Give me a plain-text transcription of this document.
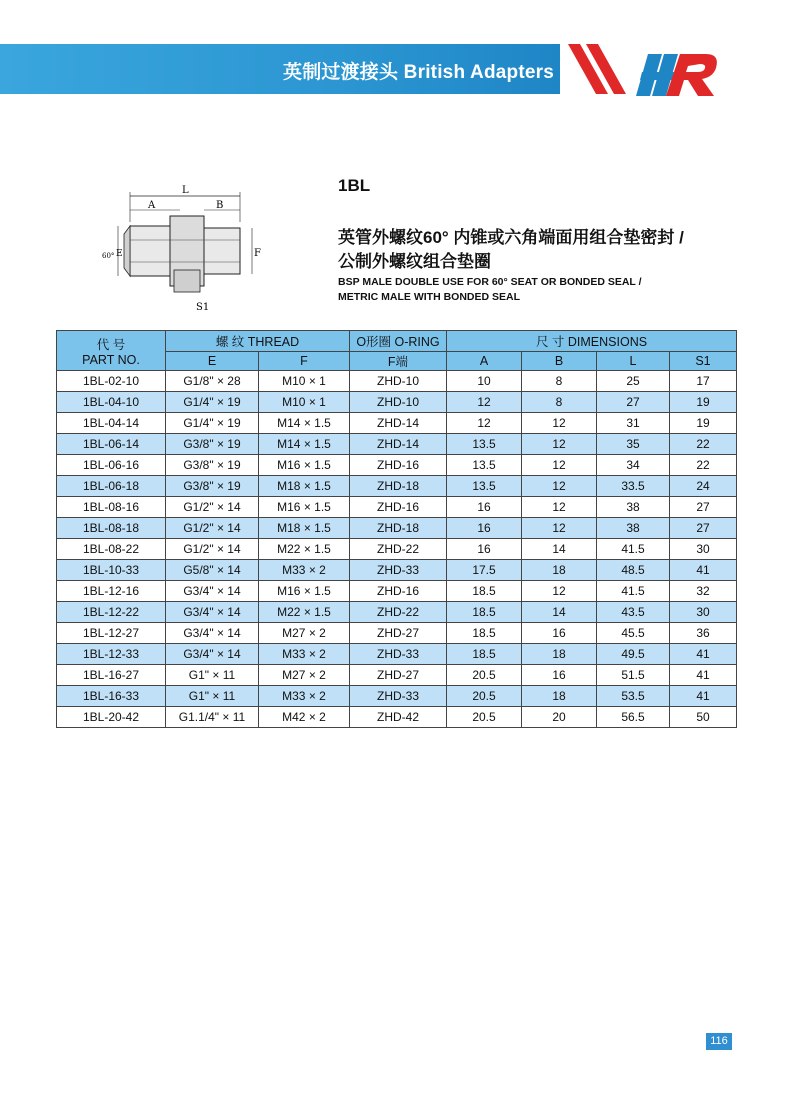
英制过渡接头 British Adapters
1BL
英管外螺纹60° 内锥或六角端面用组合垫密封 /
公制外螺纹组合垫圈
BSP MALE DOUBLE USE FOR 60° SEAT OR BONDED SEAL /
METRIC MALE WITH BONDED SEAL
L
A	B
E
60°	F
S1
代 号
PART NO.	螺 纹 THREAD		O形圈 O-RING	尺 寸 DIMENSIONS			
	E	F	F端	A	B	L	S1
1BL-02-10	G1/8" × 28	M10 × 1	ZHD-10	10	8	25	17
1BL-04-10	G1/4" × 19	M10 × 1	ZHD-10	12	8	27	19
1BL-04-14	G1/4" × 19	M14 × 1.5	ZHD-14	12	12	31	19
1BL-06-14	G3/8" × 19	M14 × 1.5	ZHD-14	13.5	12	35	22
1BL-06-16	G3/8" × 19	M16 × 1.5	ZHD-16	13.5	12	34	22
1BL-06-18	G3/8" × 19	M18 × 1.5	ZHD-18	13.5	12	33.5	24
1BL-08-16	G1/2" × 14	M16 × 1.5	ZHD-16	16	12	38	27
1BL-08-18	G1/2" × 14	M18 × 1.5	ZHD-18	16	12	38	27
1BL-08-22	G1/2" × 14	M22 × 1.5	ZHD-22	16	14	41.5	30
1BL-10-33	G5/8" × 14	M33 × 2	ZHD-33	17.5	18	48.5	41
1BL-12-16	G3/4" × 14	M16 × 1.5	ZHD-16	18.5	12	41.5	32
1BL-12-22	G3/4" × 14	M22 × 1.5	ZHD-22	18.5	14	43.5	30
1BL-12-27	G3/4" × 14	M27 × 2	ZHD-27	18.5	16	45.5	36
1BL-12-33	G3/4" × 14	M33 × 2	ZHD-33	18.5	18	49.5	41
1BL-16-27	G1" × 11	M27 × 2	ZHD-27	20.5	16	51.5	41
1BL-16-33	G1" × 11	M33 × 2	ZHD-33	20.5	18	53.5	41
1BL-20-42	G1.1/4" × 11	M42 × 2	ZHD-42	20.5	20	56.5	50
116
